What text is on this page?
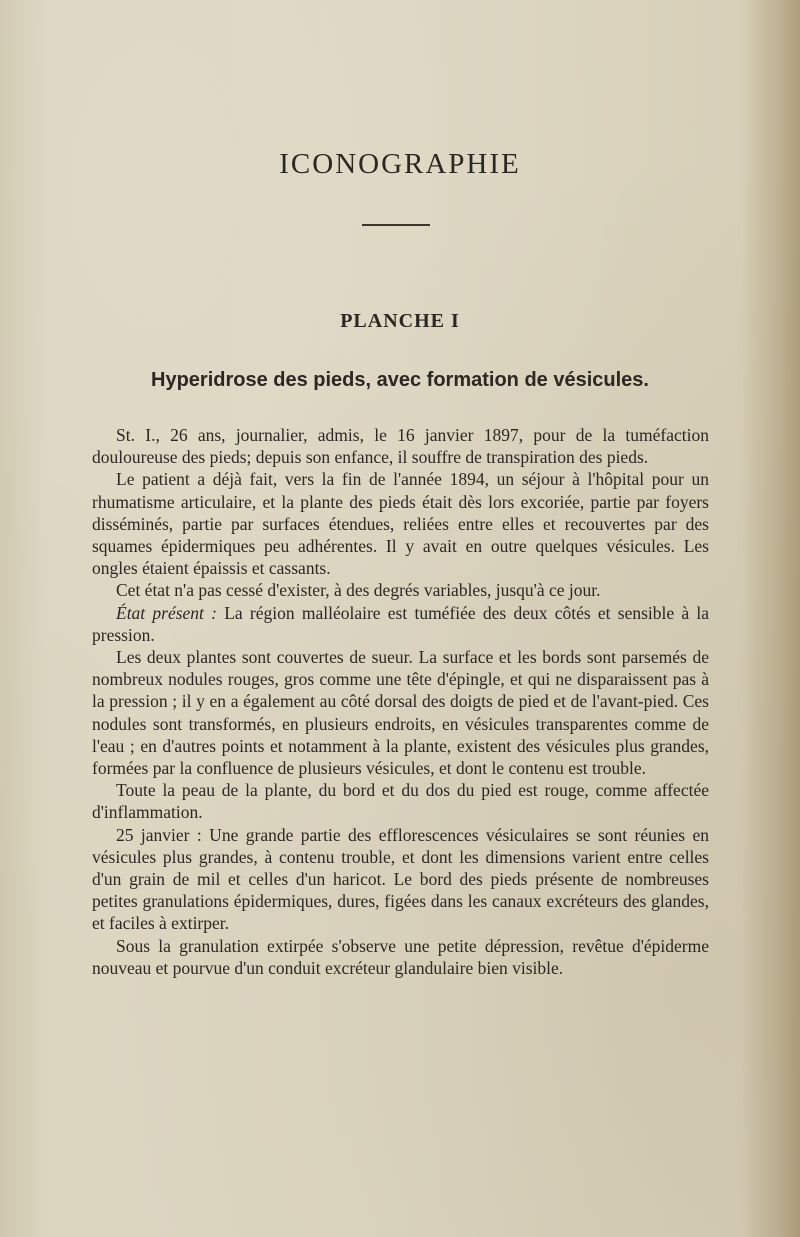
ICONOGRAPHIE
PLANCHE I
Hyperidrose des pieds, avec formation de vésicules.

St. I., 26 ans, journalier, admis, le 16 janvier 1897, pour de la tuméfaction douloureuse des pieds; depuis son enfance, il souffre de transpiration des pieds.

Le patient a déjà fait, vers la fin de l'année 1894, un séjour à l'hôpital pour un rhumatisme articulaire, et la plante des pieds était dès lors excoriée, partie par foyers disséminés, partie par surfaces étendues, reliées entre elles et recouvertes par des squames épidermiques peu adhérentes. Il y avait en outre quelques vésicules. Les ongles étaient épaissis et cassants.

Cet état n'a pas cessé d'exister, à des degrés variables, jusqu'à ce jour.

État présent : La région malléolaire est tuméfiée des deux côtés et sensible à la pression.

Les deux plantes sont couvertes de sueur. La surface et les bords sont parsemés de nombreux nodules rouges, gros comme une tête d'épingle, et qui ne disparaissent pas à la pression ; il y en a également au côté dorsal des doigts de pied et de l'avant-pied. Ces nodules sont transformés, en plusieurs endroits, en vésicules transparentes comme de l'eau ; en d'autres points et notamment à la plante, existent des vésicules plus grandes, formées par la confluence de plusieurs vésicules, et dont le contenu est trouble.

Toute la peau de la plante, du bord et du dos du pied est rouge, comme affectée d'inflammation.

25 janvier : Une grande partie des efflorescences vésiculaires se sont réunies en vésicules plus grandes, à contenu trouble, et dont les dimensions varient entre celles d'un grain de mil et celles d'un haricot. Le bord des pieds présente de nombreuses petites granulations épidermiques, dures, figées dans les canaux excréteurs des glandes, et faciles à extirper.

Sous la granulation extirpée s'observe une petite dépression, revêtue d'épiderme nouveau et pourvue d'un conduit excréteur glandulaire bien visible.
